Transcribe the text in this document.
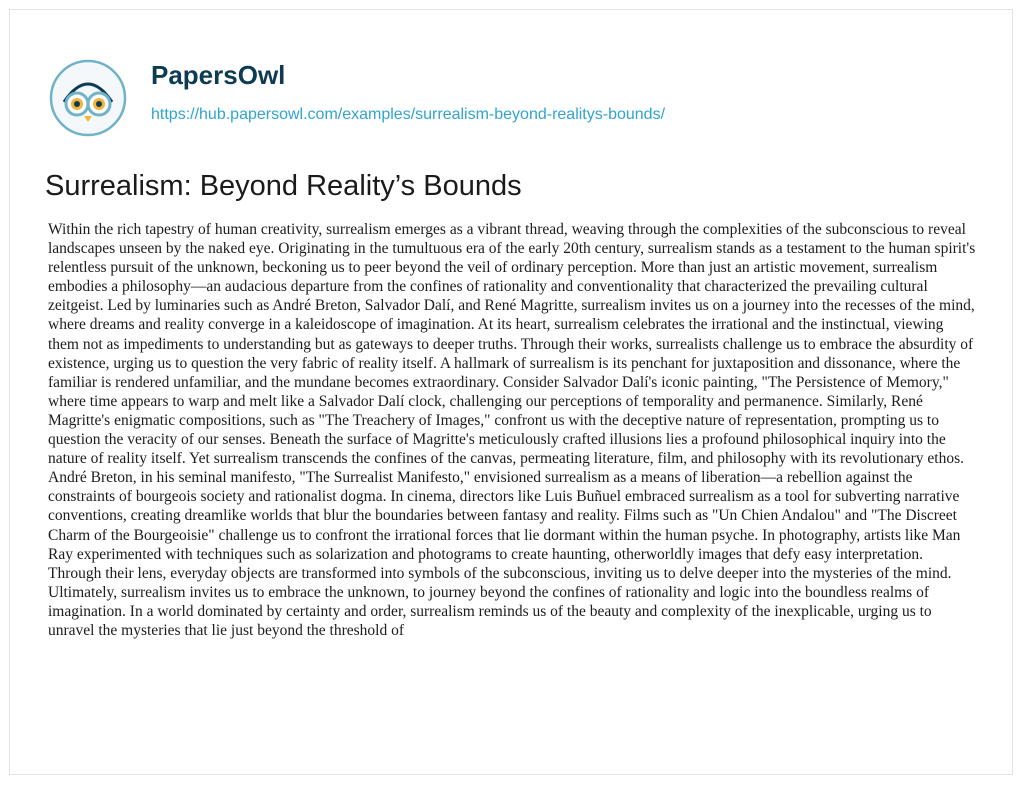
PapersOwl
https://hub.papersowl.com/examples/surrealism-beyond-realitys-bounds/
Surrealism: Beyond Reality’s Bounds

Within the rich tapestry of human creativity, surrealism emerges as a vibrant thread, weaving through the complexities of the subconscious to reveal landscapes unseen by the naked eye. Originating in the tumultuous era of the early 20th century, surrealism stands as a testament to the human spirit's relentless pursuit of the unknown, beckoning us to peer beyond the veil of ordinary perception. More than just an artistic movement, surrealism embodies a philosophy—an audacious departure from the confines of rationality and conventionality that characterized the prevailing cultural zeitgeist. Led by luminaries such as André Breton, Salvador Dalí, and René Magritte, surrealism invites us on a journey into the recesses of the mind, where dreams and reality converge in a kaleidoscope of imagination. At its heart, surrealism celebrates the irrational and the instinctual, viewing them not as impediments to understanding but as gateways to deeper truths. Through their works, surrealists challenge us to embrace the absurdity of existence, urging us to question the very fabric of reality itself. A hallmark of surrealism is its penchant for juxtaposition and dissonance, where the familiar is rendered unfamiliar, and the mundane becomes extraordinary. Consider Salvador Dalí's iconic painting, "The Persistence of Memory," where time appears to warp and melt like a Salvador Dalí clock, challenging our perceptions of temporality and permanence. Similarly, René Magritte's enigmatic compositions, such as "The Treachery of Images," confront us with the deceptive nature of representation, prompting us to question the veracity of our senses. Beneath the surface of Magritte's meticulously crafted illusions lies a profound philosophical inquiry into the nature of reality itself. Yet surrealism transcends the confines of the canvas, permeating literature, film, and philosophy with its revolutionary ethos. André Breton, in his seminal manifesto, "The Surrealist Manifesto," envisioned surrealism as a means of liberation—a rebellion against the constraints of bourgeois society and rationalist dogma. In cinema, directors like Luis Buñuel embraced surrealism as a tool for subverting narrative conventions, creating dreamlike worlds that blur the boundaries between fantasy and reality. Films such as "Un Chien Andalou" and "The Discreet Charm of the Bourgeoisie" challenge us to confront the irrational forces that lie dormant within the human psyche. In photography, artists like Man Ray experimented with techniques such as solarization and photograms to create haunting, otherworldly images that defy easy interpretation. Through their lens, everyday objects are transformed into symbols of the subconscious, inviting us to delve deeper into the mysteries of the mind. Ultimately, surrealism invites us to embrace the unknown, to journey beyond the confines of rationality and logic into the boundless realms of imagination. In a world dominated by certainty and order, surrealism reminds us of the beauty and complexity of the inexplicable, urging us to unravel the mysteries that lie just beyond the threshold of
